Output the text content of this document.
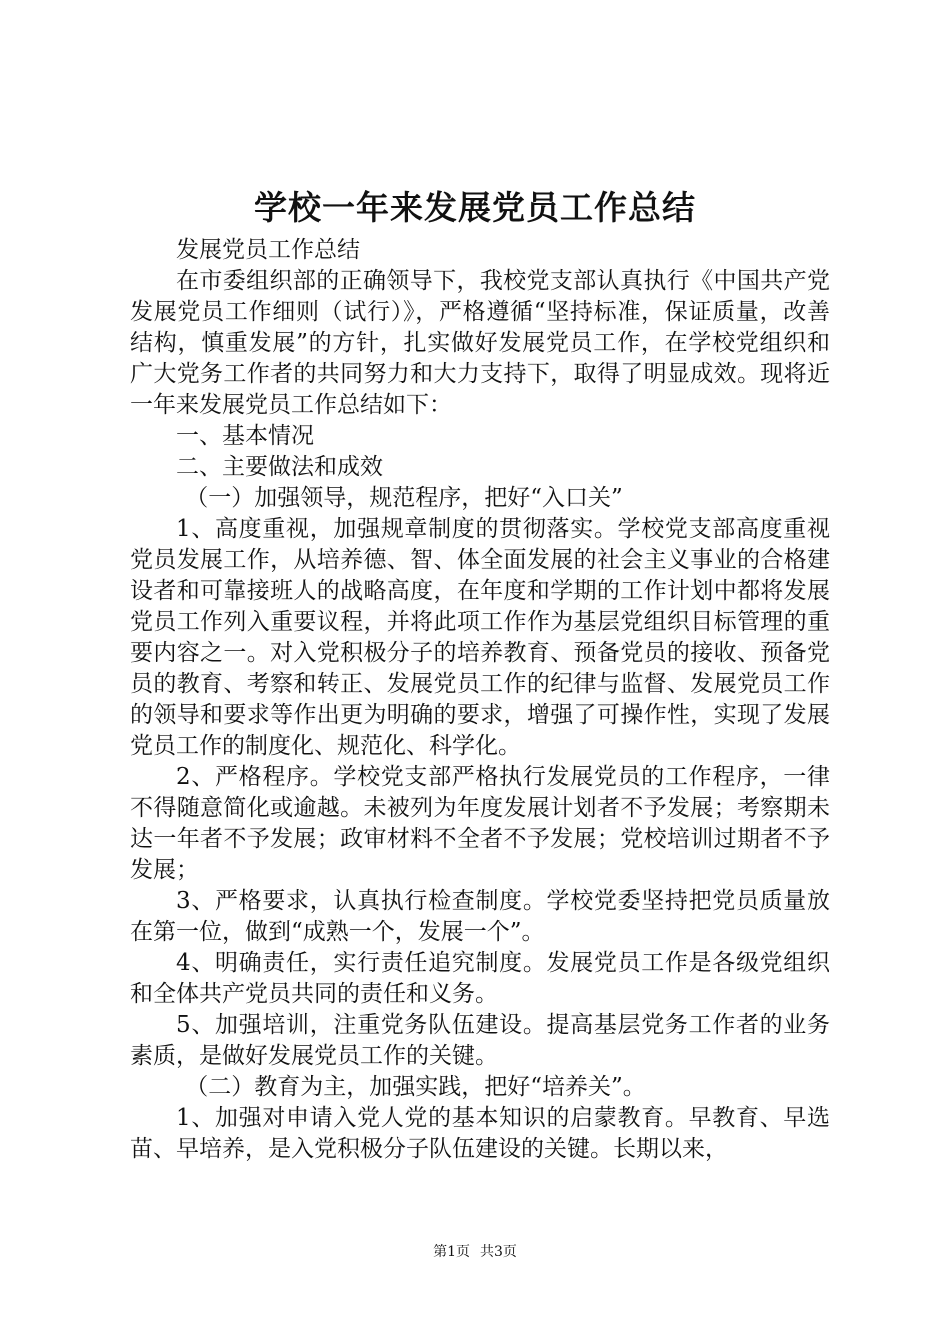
学校一年来发展党员工作总结

发展党员工作总结

在市委组织部的正确领导下，我校党支部认真执行《中国共产党发展党员工作细则（试行）》，严格遵循“坚持标准，保证质量，改善结构，慎重发展”的方针，扎实做好发展党员工作，在学校党组织和广大党务工作者的共同努力和大力支持下，取得了明显成效。现将近一年来发展党员工作总结如下：

一、基本情况

二、主要做法和成效

（一）加强领导，规范程序，把好“入口关”

1、高度重视，加强规章制度的贯彻落实。学校党支部高度重视党员发展工作，从培养德、智、体全面发展的社会主义事业的合格建设者和可靠接班人的战略高度，在年度和学期的工作计划中都将发展党员工作列入重要议程，并将此项工作作为基层党组织目标管理的重要内容之一。对入党积极分子的培养教育、预备党员的接收、预备党员的教育、考察和转正、发展党员工作的纪律与监督、发展党员工作的领导和要求等作出更为明确的要求，增强了可操作性，实现了发展党员工作的制度化、规范化、科学化。

2、严格程序。学校党支部严格执行发展党员的工作程序，一律不得随意简化或逾越。未被列为年度发展计划者不予发展；考察期未达一年者不予发展；政审材料不全者不予发展；党校培训过期者不予发展；

3、严格要求，认真执行检查制度。学校党委坚持把党员质量放在第一位，做到“成熟一个，发展一个”。

4、明确责任，实行责任追究制度。发展党员工作是各级党组织和全体共产党员共同的责任和义务。

5、加强培训，注重党务队伍建设。提高基层党务工作者的业务素质，是做好发展党员工作的关键。

（二）教育为主，加强实践，把好“培养关”。

1、加强对申请入党人党的基本知识的启蒙教育。早教育、早选苗、早培养，是入党积极分子队伍建设的关键。长期以来，

第1页 共3页
